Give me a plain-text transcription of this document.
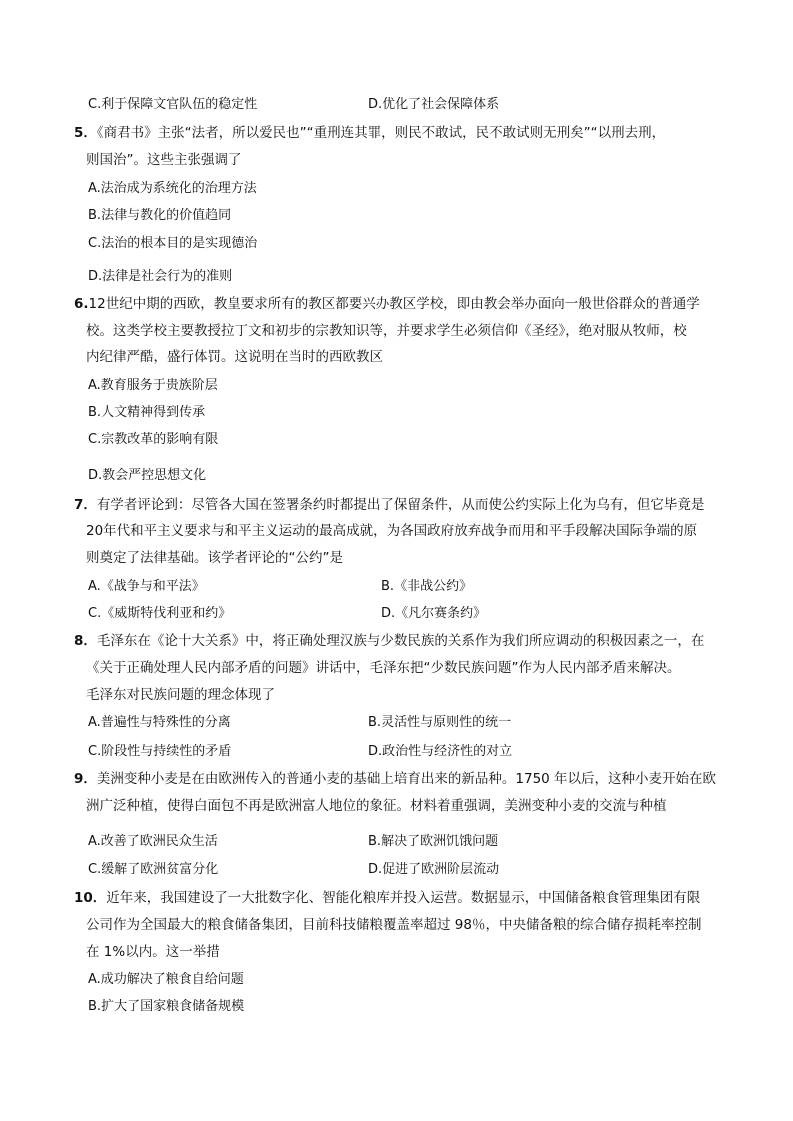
C.利于保障文官队伍的稳定性	D.优化了社会保障体系
5．《商君书》主张“法者，所以爱民也”“重刑连其罪，则民不敢试，民不敢试则无刑矣”“以刑去刑，
则国治”。这些主张强调了
A.法治成为系统化的治理方法
B.法律与教化的价值趋同
C.法治的根本目的是实现德治
D.法律是社会行为的准则
6.12世纪中期的西欧，教皇要求所有的教区都要兴办教区学校，即由教会举办面向一般世俗群众的普通学
校。这类学校主要教授拉丁文和初步的宗教知识等，并要求学生必须信仰《圣经》，绝对服从牧师，校
内纪律严酷，盛行体罚。这说明在当时的西欧教区
A.教育服务于贵族阶层
B.人文精神得到传承
C.宗教改革的影响有限
D.教会严控思想文化
7．有学者评论到：尽管各大国在签署条约时都提出了保留条件，从而使公约实际上化为乌有，但它毕竟是
20年代和平主义要求与和平主义运动的最高成就，为各国政府放弃战争而用和平手段解决国际争端的原
则奠定了法律基础。该学者评论的“公约”是
A.《战争与和平法》	B.《非战公约》
C.《威斯特伐利亚和约》	D.《凡尔赛条约》
8．毛泽东在《论十大关系》中，将正确处理汉族与少数民族的关系作为我们所应调动的积极因素之一，在
《关于正确处理人民内部矛盾的问题》讲话中，毛泽东把“少数民族问题”作为人民内部矛盾来解决。
毛泽东对民族问题的理念体现了
A.普遍性与特殊性的分离	B.灵活性与原则性的统一
C.阶段性与持续性的矛盾	D.政治性与经济性的对立
9．美洲变种小麦是在由欧洲传入的普通小麦的基础上培育出来的新品种。1750 年以后，这种小麦开始在欧
洲广泛种植，使得白面包不再是欧洲富人地位的象征。材料着重强调，美洲变种小麦的交流与种植
A.改善了欧洲民众生活	B.解决了欧洲饥饿问题
C.缓解了欧洲贫富分化	D.促进了欧洲阶层流动
10．近年来，我国建设了一大批数字化、智能化粮库并投入运营。数据显示，中国储备粮食管理集团有限
公司作为全国最大的粮食储备集团，目前科技储粮覆盖率超过 98％，中央储备粮的综合储存损耗率控制
在 1%以内。这一举措
A.成功解决了粮食自给问题
B.扩大了国家粮食储备规模
